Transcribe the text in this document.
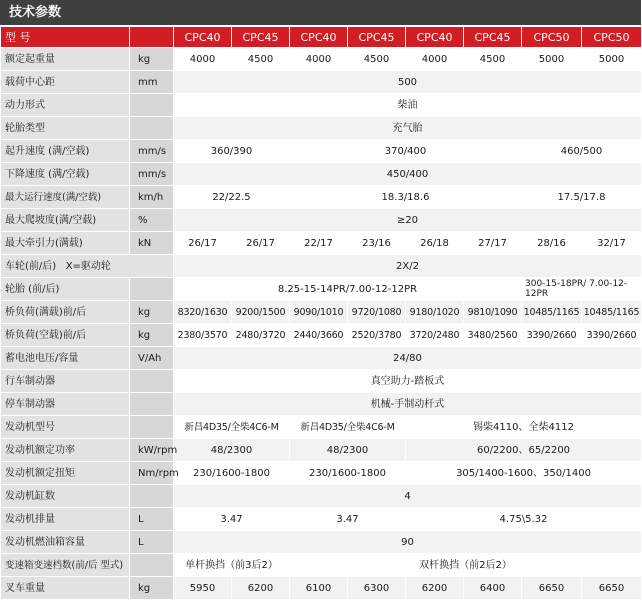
技术参数
型 号		CPC40	CPC45	CPC40	CPC45	CPC40	CPC45	CPC50	CPC50
额定起重量	kg	4000	4500	4000	4500	4000	4500	5000	5000
载荷中心距	mm	500							
动力形式		柴油							
轮胎类型		充气胎							
起升速度 (满/空载)	mm/s	360/390		370/400				460/500	
下降速度 (满/空载)	mm/s	450/400							
最大运行速度(满/空载)	km/h	22/22.5		18.3/18.6				17.5/17.8	
最大爬坡度(满/空载)	%	≥20							
最大牵引力(满载)	kN	26/17	26/17	22/17	23/16	26/18	27/17	28/16	32/17
车轮(前/后)   X=驱动轮		2X/2							
轮胎 (前/后)		8.25-15-14PR/7.00-12-12PR						300-15-18PR/ 7.00-12-12PR	
桥负荷(满载)前/后	kg	8320/1630	9200/1500	9090/1010	9720/1080	9180/1020	9810/1090	10485/1165	10485/1165
桥负荷(空载)前/后	kg	2380/3570	2480/3720	2440/3660	2520/3780	3720/2480	3480/2560	3390/2660	3390/2660
蓄电池电压/容量	V/Ah	24/80							
行车制动器		真空助力-踏板式							
停车制动器		机械-手制动杆式							
发动机型号		新昌4D35/全柴4C6-M		新昌4D35/全柴4C6-M		锡柴4110、全柴4112			
发动机额定功率	kW/rpm	48/2300		48/2300		60/2200、65/2200			
发动机额定扭矩	Nm/rpm	230/1600-1800		230/1600-1800		305/1400-1600、350/1400			
发动机缸数		4							
发动机排量	L	3.47		3.47		4.75\5.32			
发动机燃油箱容量	L	90							
变速箱变速档数(前/后 型式)		单杆换挡（前3后2）		双杆换挡（前2后2）					
叉车重量	kg	5950	6200	6100	6300	6200	6400	6650	6650
